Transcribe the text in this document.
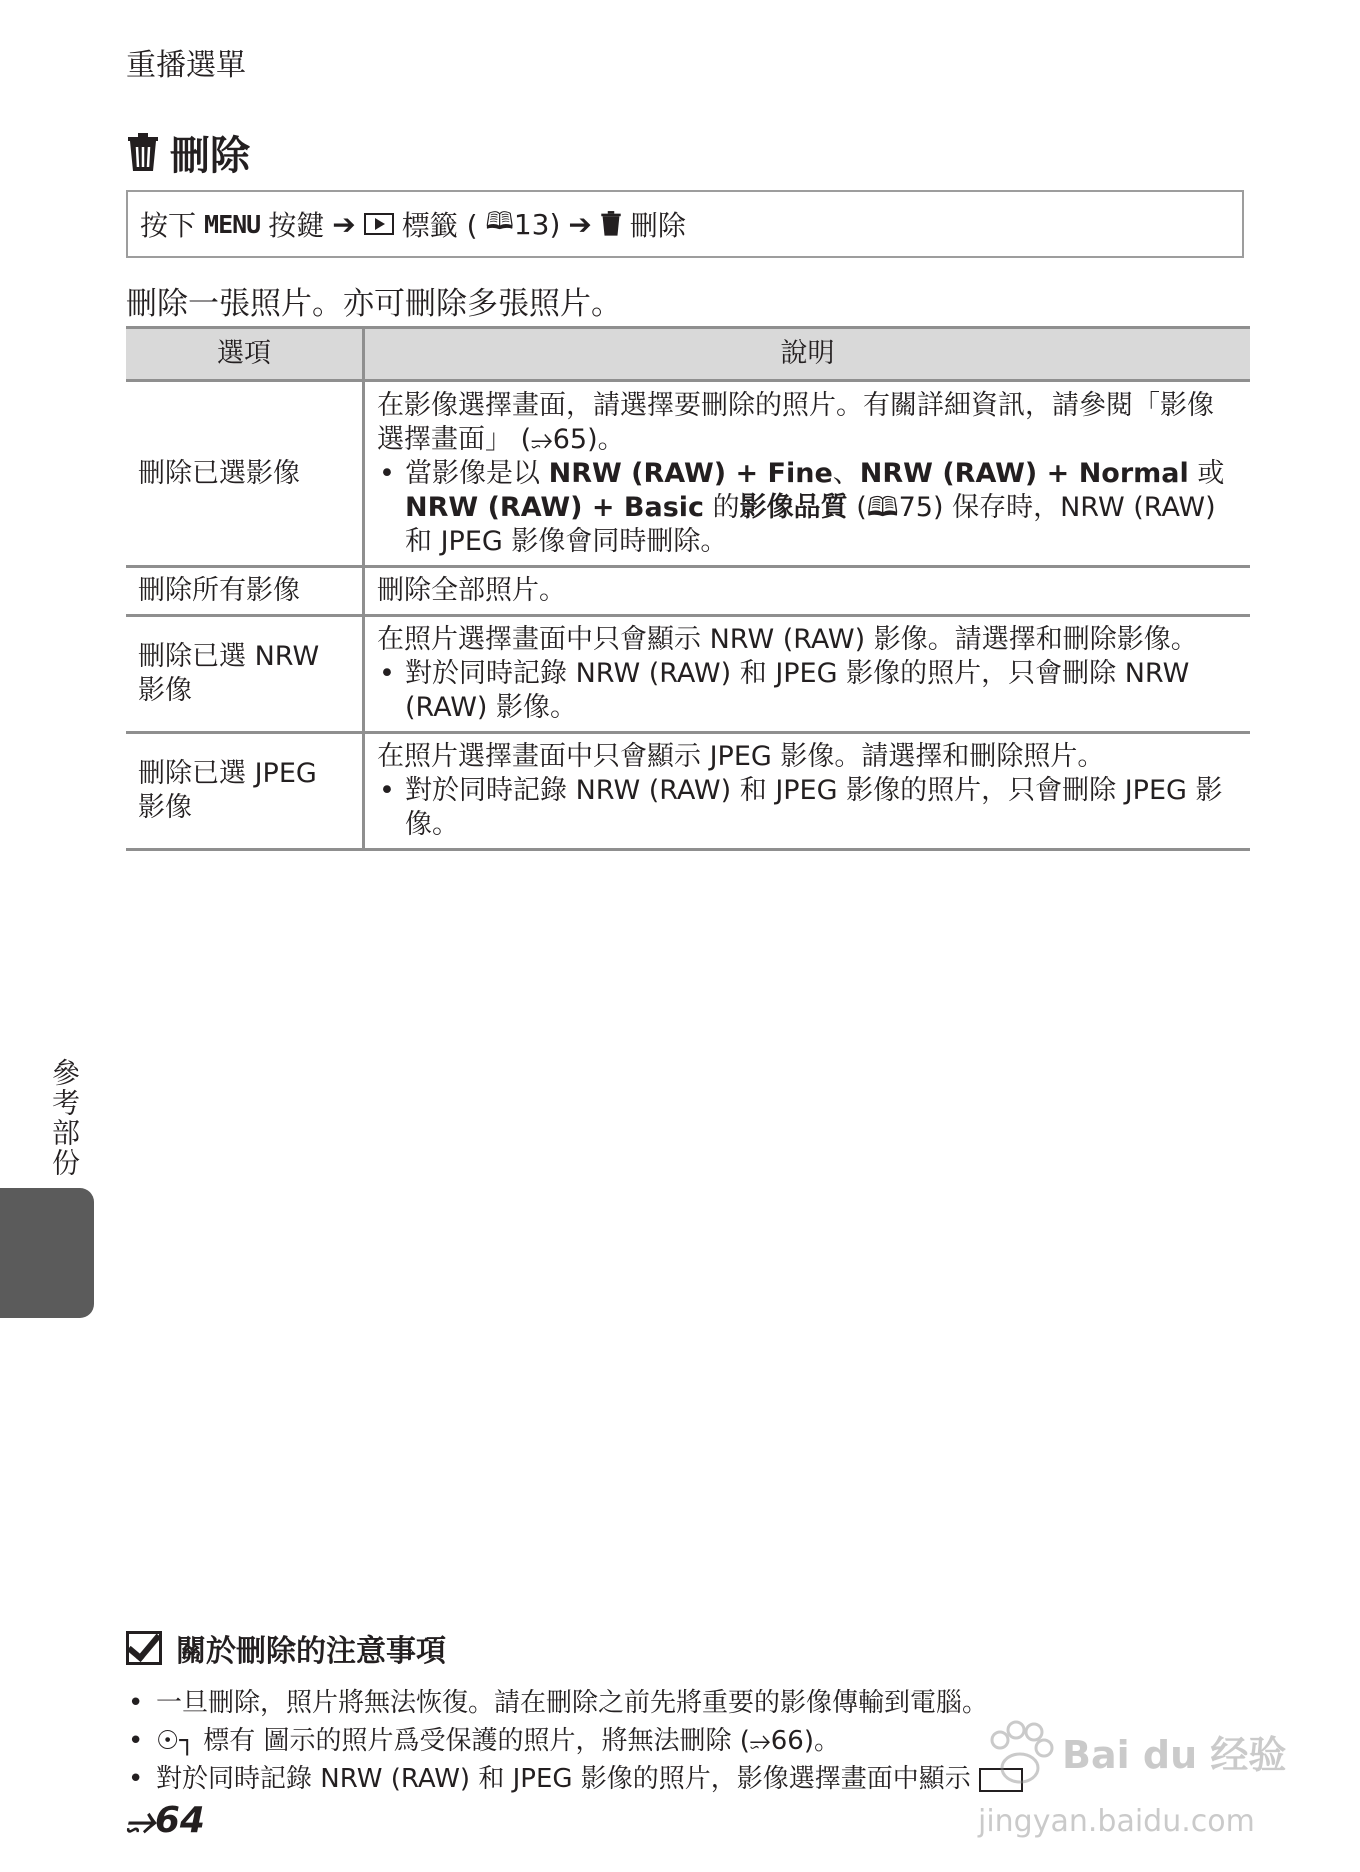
重播選單
刪除
按下 MENU 按鍵 ➔ 標籤 ( 🕮 13) ➔ 刪除
刪除一張照片。亦可刪除多張照片。
選項	說明
刪除已選影像	在影像選擇畫面，請選擇要刪除的照片。有關詳細資訊，請參閱「影像選擇畫面」 (⭌65)。
• 當影像是以 NRW (RAW) + Fine、NRW (RAW) + Normal 或 NRW (RAW) + Basic 的影像品質 (🕮75) 保存時，NRW (RAW) 和 JPEG 影像會同時刪除。

刪除所有影像	刪除全部照片。
刪除已選 NRW 影像	在照片選擇畫面中只會顯示 NRW (RAW) 影像。請選擇和刪除影像。
• 對於同時記錄 NRW (RAW) 和 JPEG 影像的照片，只會刪除 NRW (RAW) 影像。

刪除已選 JPEG 影像	在照片選擇畫面中只會顯示 JPEG 影像。請選擇和刪除照片。
• 對於同時記錄 NRW (RAW) 和 JPEG 影像的照片，只會刪除 JPEG 影像。
參考部份
關於刪除的注意事項
• 一旦刪除，照片將無法恢復。請在刪除之前先將重要的影像傳輸到電腦。
• ☉┐ 標有 圖示的照片爲受保護的照片，將無法刪除 (⭌66)。
• 對於同時記錄 NRW (RAW) 和 JPEG 影像的照片，影像選擇畫面中顯示
⭌64
Bai du 经验
jingyan.baidu.com
